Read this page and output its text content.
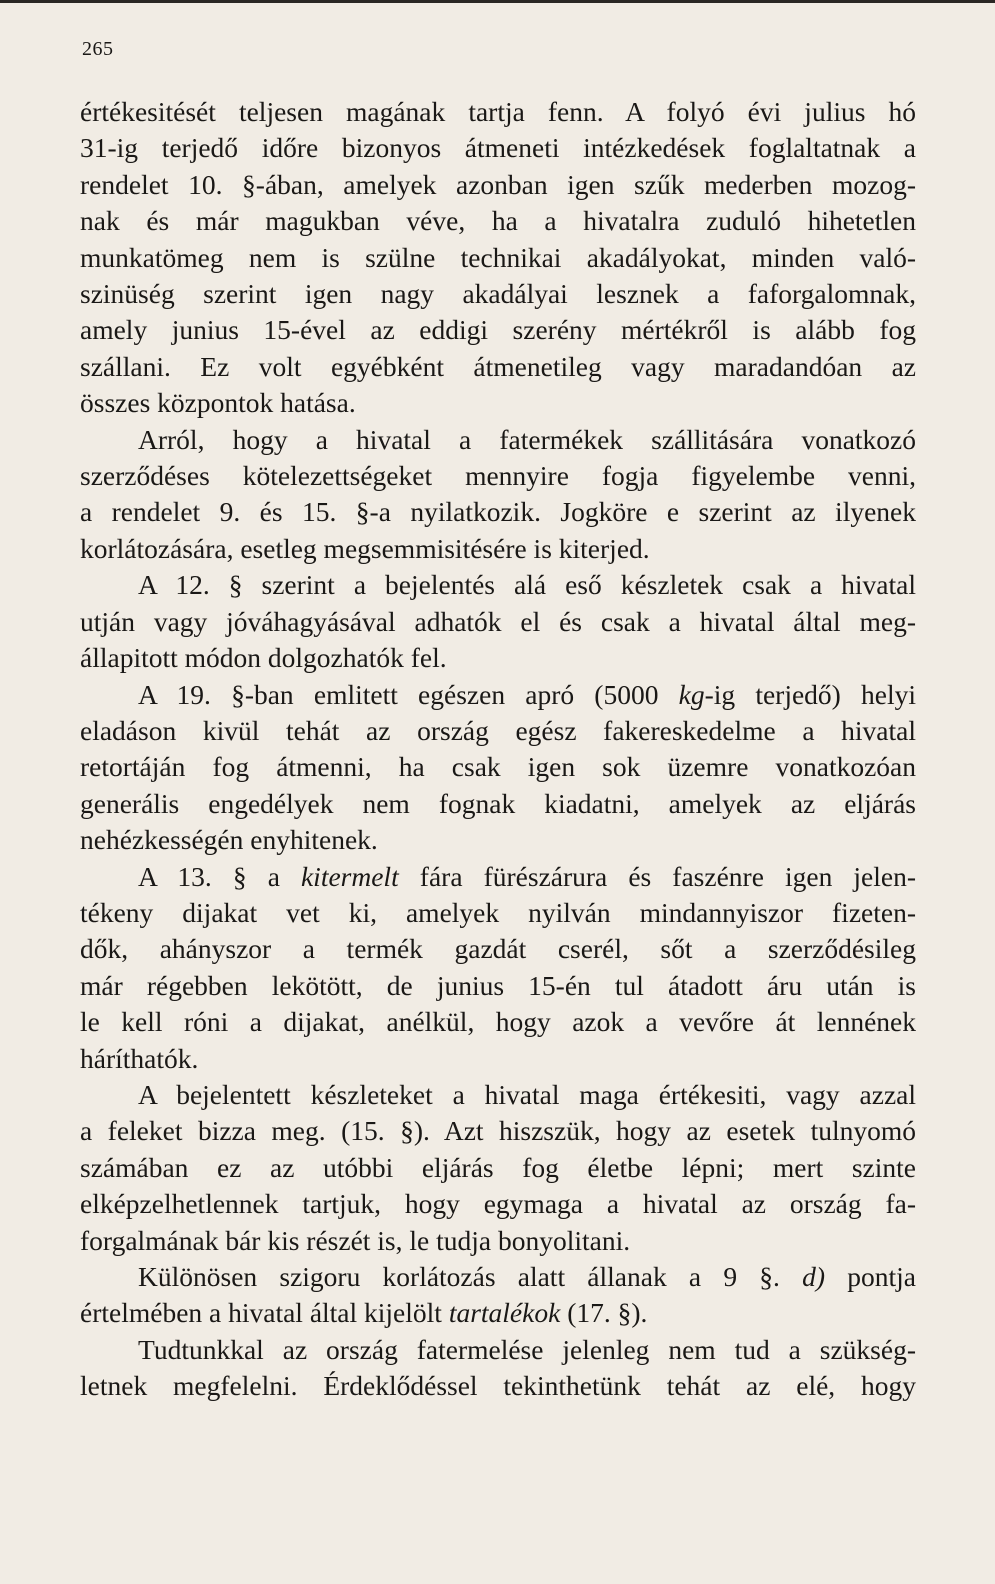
265

értékesitését teljesen magának tartja fenn. A folyó évi julius hó

31-ig terjedő időre bizonyos átmeneti intézkedések foglaltatnak a

rendelet 10. §-ában, amelyek azonban igen szűk mederben mozog-

nak és már magukban véve, ha a hivatalra zuduló hihetetlen

munkatömeg nem is szülne technikai akadályokat, minden való-

szinüség szerint igen nagy akadályai lesznek a faforgalomnak,

amely junius 15-ével az eddigi szerény mértékről is alább fog

szállani. Ez volt egyébként átmenetileg vagy maradandóan az

összes központok hatása.

Arról, hogy a hivatal a fatermékek szállitására vonatkozó

szerződéses kötelezettségeket mennyire fogja figyelembe venni,

a rendelet 9. és 15. §-a nyilatkozik. Jogköre e szerint az ilyenek

korlátozására, esetleg megsemmisitésére is kiterjed.

A 12. § szerint a bejelentés alá eső készletek csak a hivatal

utján vagy jóváhagyásával adhatók el és csak a hivatal által meg-

állapitott módon dolgozhatók fel.

A 19. §-ban emlitett egészen apró (5000 kg-ig terjedő) helyi

eladáson kivül tehát az ország egész fakereskedelme a hivatal

retortáján fog átmenni, ha csak igen sok üzemre vonatkozóan

generális engedélyek nem fognak kiadatni, amelyek az eljárás

nehézkességén enyhitenek.

A 13. § a kitermelt fára fürészárura és faszénre igen jelen-

tékeny dijakat vet ki, amelyek nyilván mindannyiszor fizeten-

dők, ahányszor a termék gazdát cserél, sőt a szerződésileg

már régebben lekötött, de junius 15-én tul átadott áru után is

le kell róni a dijakat, anélkül, hogy azok a vevőre át lennének

háríthatók.

A bejelentett készleteket a hivatal maga értékesiti, vagy azzal

a feleket bizza meg. (15. §). Azt hiszszük, hogy az esetek tulnyomó

számában ez az utóbbi eljárás fog életbe lépni; mert szinte

elképzelhetlennek tartjuk, hogy egymaga a hivatal az ország fa-

forgalmának bár kis részét is, le tudja bonyolitani.

Különösen szigoru korlátozás alatt állanak a 9 §. d) pontja

értelmében a hivatal által kijelölt tartalékok (17. §).

Tudtunkkal az ország fatermelése jelenleg nem tud a szükség-

letnek megfelelni. Érdeklődéssel tekinthetünk tehát az elé, hogy
